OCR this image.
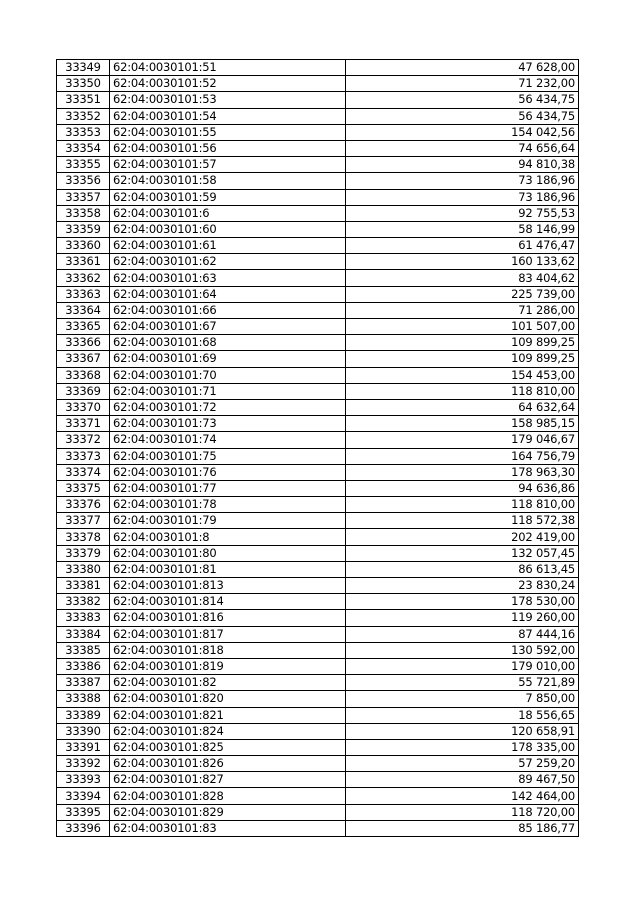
33349	62:04:0030101:51	47 628,00
33350	62:04:0030101:52	71 232,00
33351	62:04:0030101:53	56 434,75
33352	62:04:0030101:54	56 434,75
33353	62:04:0030101:55	154 042,56
33354	62:04:0030101:56	74 656,64
33355	62:04:0030101:57	94 810,38
33356	62:04:0030101:58	73 186,96
33357	62:04:0030101:59	73 186,96
33358	62:04:0030101:6	92 755,53
33359	62:04:0030101:60	58 146,99
33360	62:04:0030101:61	61 476,47
33361	62:04:0030101:62	160 133,62
33362	62:04:0030101:63	83 404,62
33363	62:04:0030101:64	225 739,00
33364	62:04:0030101:66	71 286,00
33365	62:04:0030101:67	101 507,00
33366	62:04:0030101:68	109 899,25
33367	62:04:0030101:69	109 899,25
33368	62:04:0030101:70	154 453,00
33369	62:04:0030101:71	118 810,00
33370	62:04:0030101:72	64 632,64
33371	62:04:0030101:73	158 985,15
33372	62:04:0030101:74	179 046,67
33373	62:04:0030101:75	164 756,79
33374	62:04:0030101:76	178 963,30
33375	62:04:0030101:77	94 636,86
33376	62:04:0030101:78	118 810,00
33377	62:04:0030101:79	118 572,38
33378	62:04:0030101:8	202 419,00
33379	62:04:0030101:80	132 057,45
33380	62:04:0030101:81	86 613,45
33381	62:04:0030101:813	23 830,24
33382	62:04:0030101:814	178 530,00
33383	62:04:0030101:816	119 260,00
33384	62:04:0030101:817	87 444,16
33385	62:04:0030101:818	130 592,00
33386	62:04:0030101:819	179 010,00
33387	62:04:0030101:82	55 721,89
33388	62:04:0030101:820	7 850,00
33389	62:04:0030101:821	18 556,65
33390	62:04:0030101:824	120 658,91
33391	62:04:0030101:825	178 335,00
33392	62:04:0030101:826	57 259,20
33393	62:04:0030101:827	89 467,50
33394	62:04:0030101:828	142 464,00
33395	62:04:0030101:829	118 720,00
33396	62:04:0030101:83	85 186,77
